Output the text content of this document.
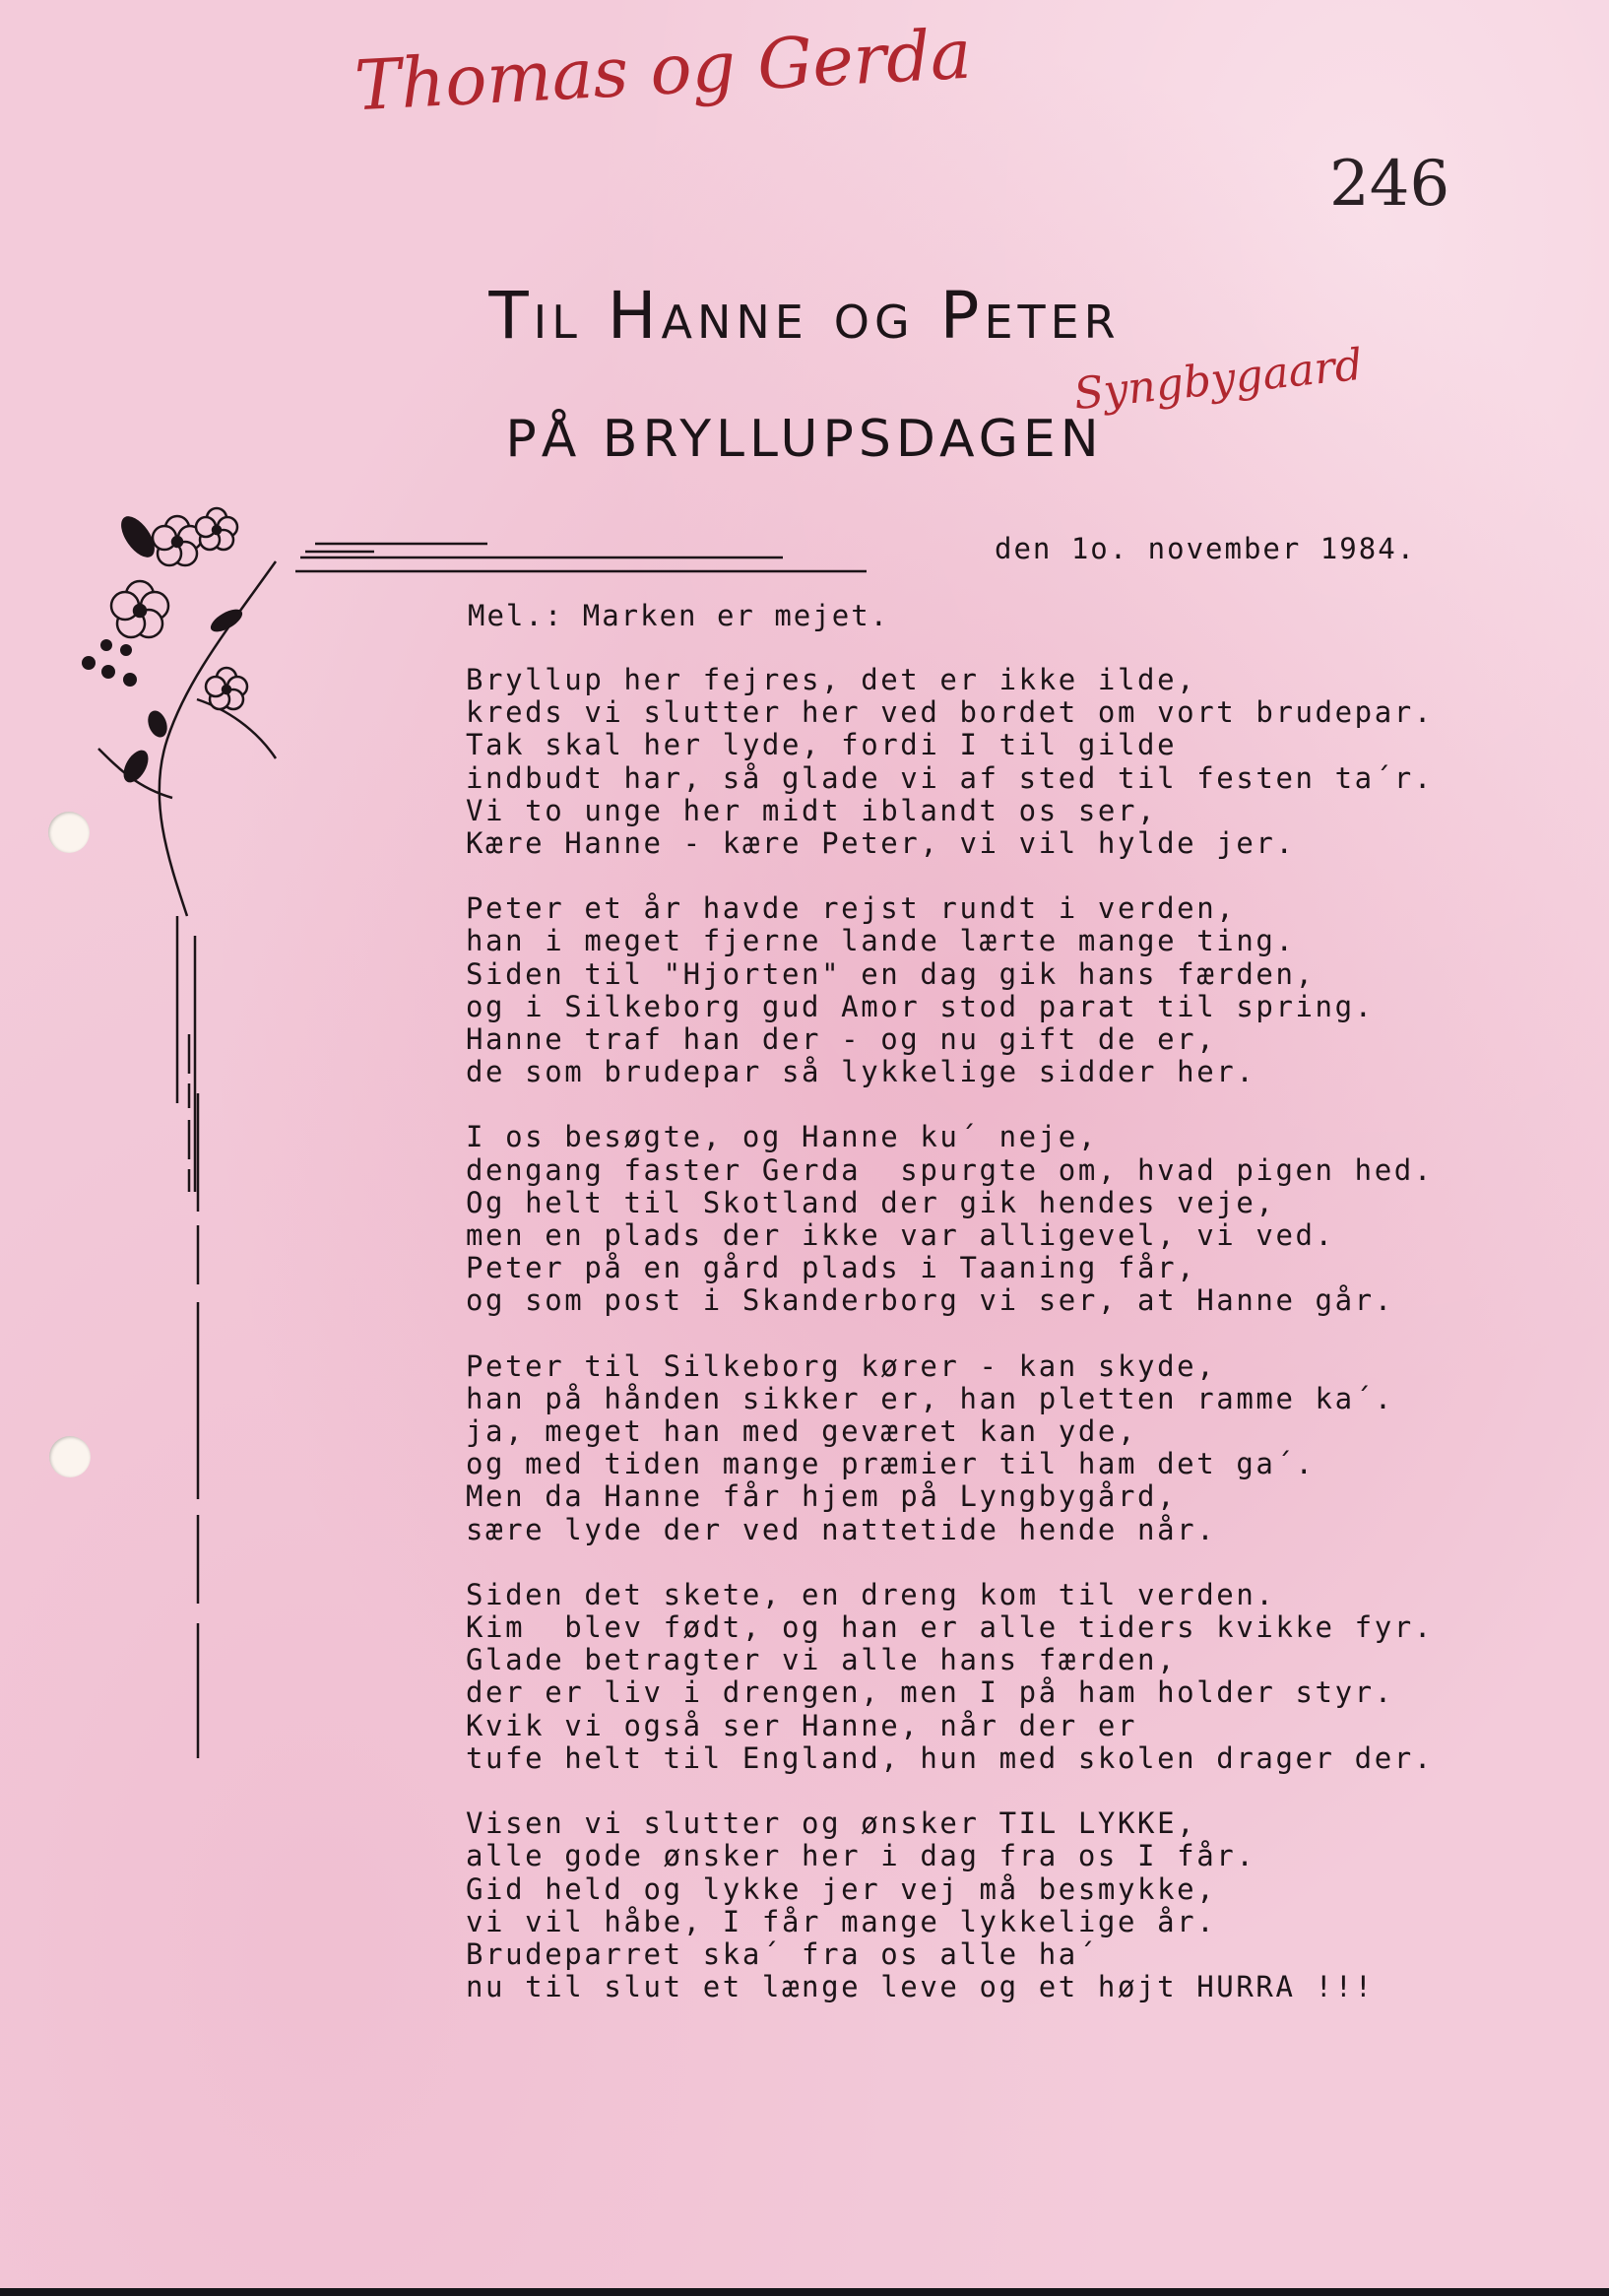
Thomas og Gerda
246
Syngbygaard
Til Hanne og Peter
PÅ BRYLLUPSDAGEN
den 1o. november 1984.
Mel.: Marken er mejet.
Bryllup her fejres, det er ikke ilde,
kreds vi slutter her ved bordet om vort brudepar.
Tak skal her lyde, fordi I til gilde
indbudt har, så glade vi af sted til festen ta´r.
Vi to unge her midt iblandt os ser,
Kære Hanne - kære Peter, vi vil hylde jer.
Peter et år havde rejst rundt i verden,
han i meget fjerne lande lærte mange ting.
Siden til "Hjorten" en dag gik hans færden,
og i Silkeborg gud Amor stod parat til spring.
Hanne traf han der - og nu gift de er,
de som brudepar så lykkelige sidder her.
I os besøgte, og Hanne ku´ neje,
dengang faster Gerda  spurgte om, hvad pigen hed.
Og helt til Skotland der gik hendes veje,
men en plads der ikke var alligevel, vi ved.
Peter på en gård plads i Taaning får,
og som post i Skanderborg vi ser, at Hanne går.
Peter til Silkeborg kører - kan skyde,
han på hånden sikker er, han pletten ramme ka´.
ja, meget han med geværet kan yde,
og med tiden mange præmier til ham det ga´.
Men da Hanne får hjem på Lyngbygård,
sære lyde der ved nattetide hende når.
Siden det skete, en dreng kom til verden.
Kim  blev født, og han er alle tiders kvikke fyr.
Glade betragter vi alle hans færden,
der er liv i drengen, men I på ham holder styr.
Kvik vi også ser Hanne, når der er
tufe helt til England, hun med skolen drager der.
Visen vi slutter og ønsker TIL LYKKE,
alle gode ønsker her i dag fra os I får.
Gid held og lykke jer vej må besmykke,
vi vil håbe, I får mange lykkelige år.
Brudeparret ska´ fra os alle ha´
nu til slut et længe leve og et højt HURRA !!!
